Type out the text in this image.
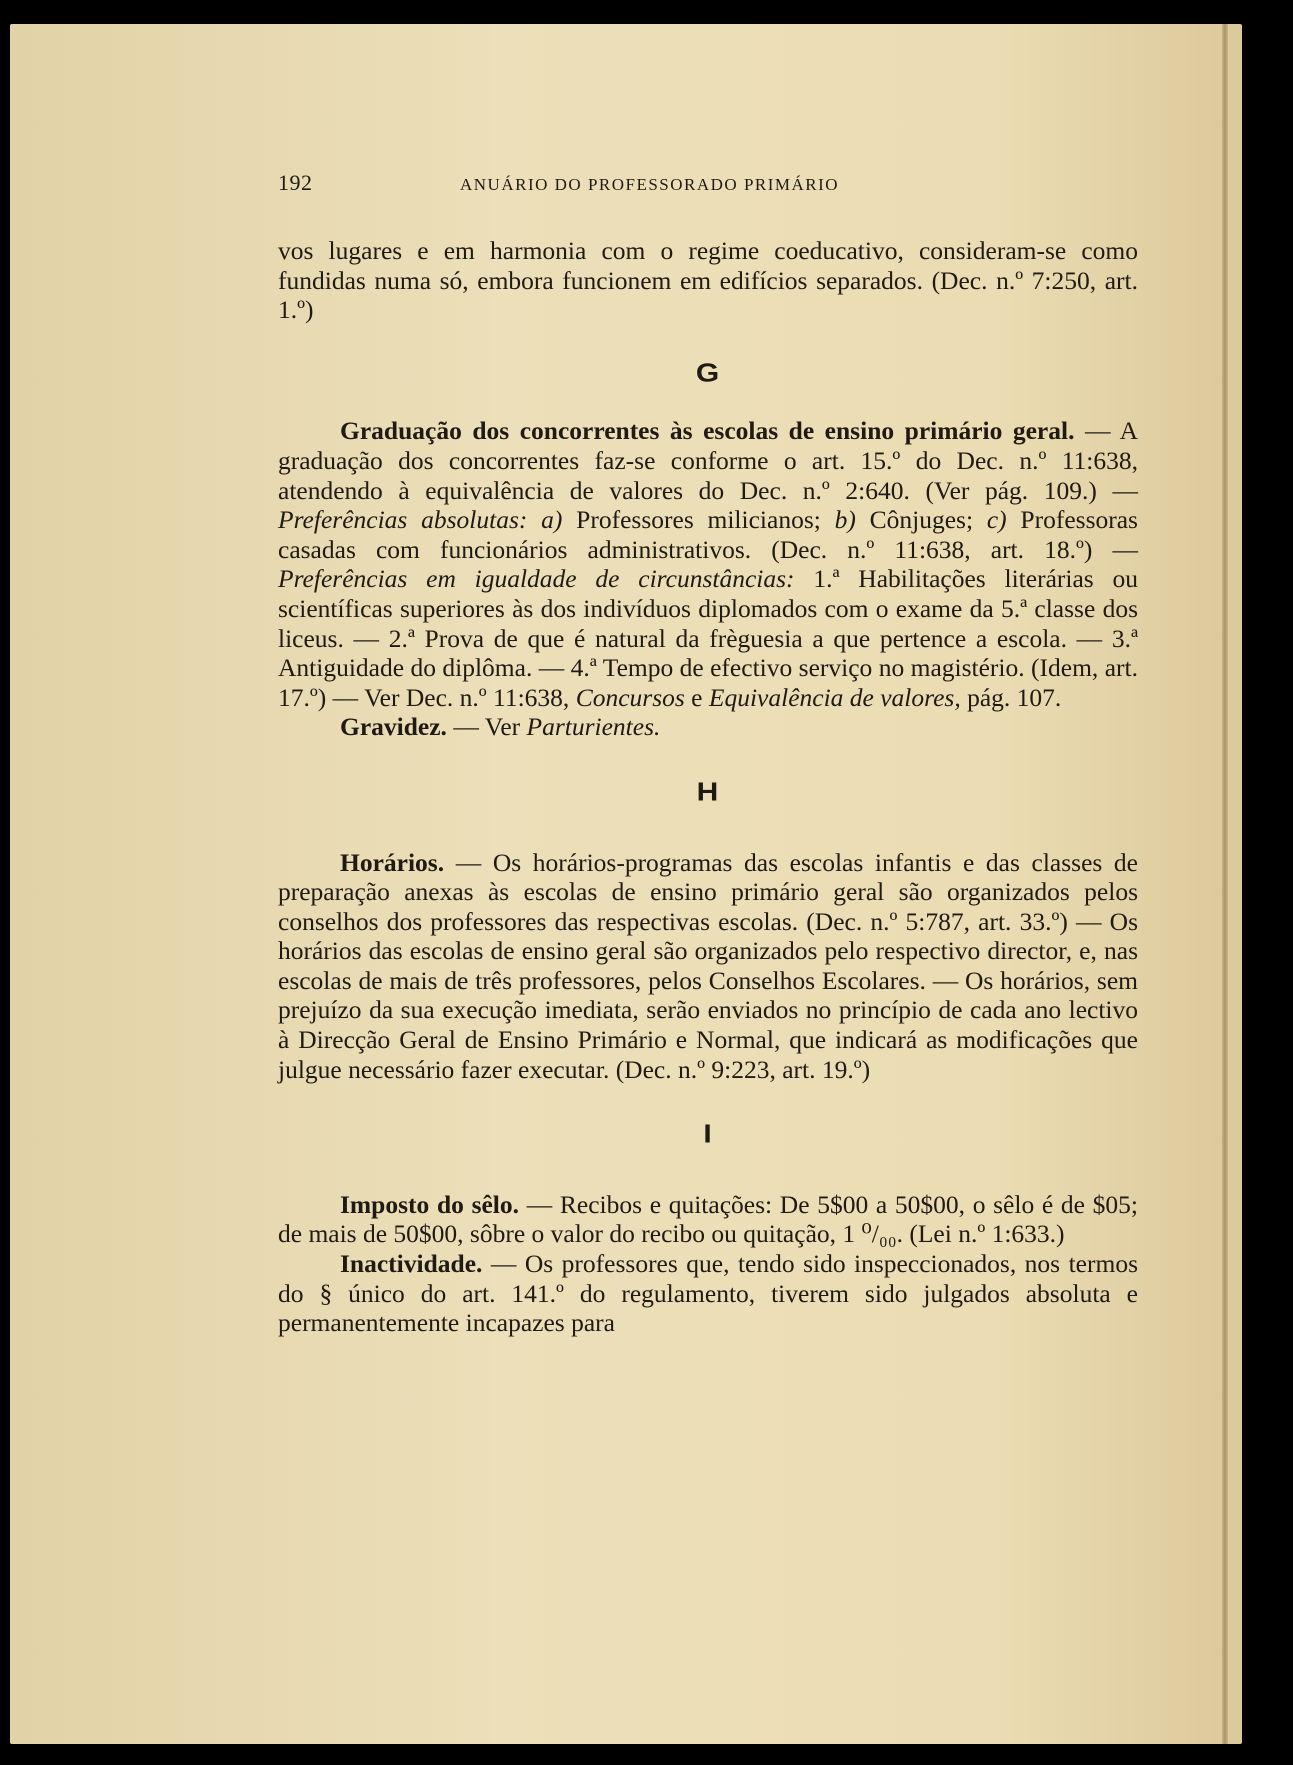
192	ANUÁRIO DO PROFESSORADO PRIMÁRIO

vos lugares e em harmonia com o regime coeducativo, consideram-se como fundidas numa só, embora funcionem em edifícios separados. (Dec. n.º 7:250, art. 1.º)

G

Graduação dos concorrentes às escolas de ensino primário geral. — A graduação dos concorrentes faz-se conforme o art. 15.º do Dec. n.º 11:638, atendendo à equivalência de valores do Dec. n.º 2:640. (Ver pág. 109.) — Preferências absolutas: a) Professores milicianos; b) Cônjuges; c) Professoras casadas com funcionários administrativos. (Dec. n.º 11:638, art. 18.º) — Preferências em igualdade de circunstâncias: 1.ª Habilitações literárias ou scientíficas superiores às dos indivíduos diplomados com o exame da 5.ª classe dos liceus. — 2.ª Prova de que é natural da frèguesia a que pertence a escola. — 3.ª Antiguidade do diplôma. — 4.ª Tempo de efectivo serviço no magistério. (Idem, art. 17.º) — Ver Dec. n.º 11:638, Concursos e Equivalência de valores, pág. 107.

Gravidez. — Ver Parturientes.

H

Horários. — Os horários-programas das escolas infantis e das classes de preparação anexas às escolas de ensino primário geral são organizados pelos conselhos dos professores das respectivas escolas. (Dec. n.º 5:787, art. 33.º) — Os horários das escolas de ensino geral são organizados pelo respectivo director, e, nas escolas de mais de três professores, pelos Conselhos Escolares. — Os horários, sem prejuízo da sua execução imediata, serão enviados no princípio de cada ano lectivo à Direcção Geral de Ensino Primário e Normal, que indicará as modificações que julgue necessário fazer executar. (Dec. n.º 9:223, art. 19.º)

I

Imposto do sêlo. — Recibos e quitações: De 5$00 a 50$00, o sêlo é de $05; de mais de 50$00, sôbre o valor do recibo ou quitação, 1 ⁰/₀₀. (Lei n.º 1:633.)

Inactividade. — Os professores que, tendo sido inspeccionados, nos termos do § único do art. 141.º do regulamento, tiverem sido julgados absoluta e permanentemente incapazes para
